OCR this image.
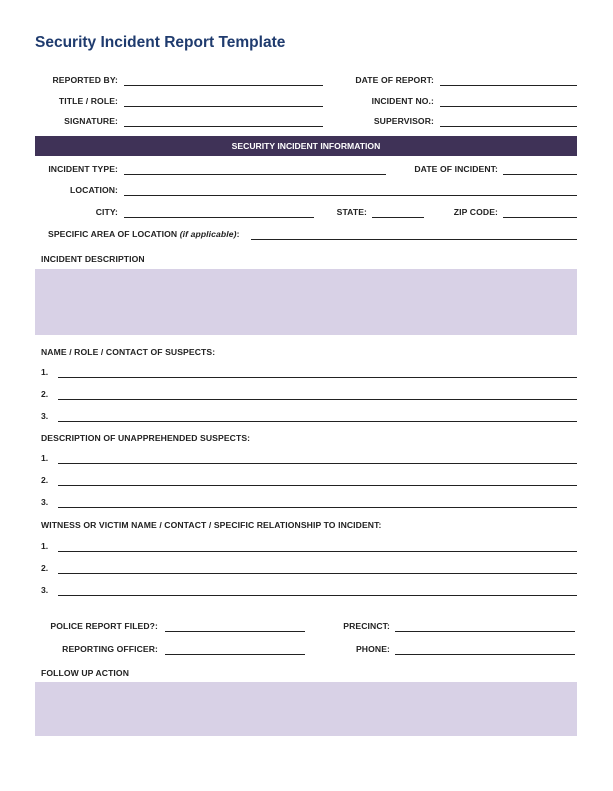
Security Incident Report Template
REPORTED BY:	DATE OF REPORT:
TITLE / ROLE:	INCIDENT NO.:
SIGNATURE:	SUPERVISOR:
SECURITY INCIDENT INFORMATION
INCIDENT TYPE:	DATE OF INCIDENT:
LOCATION:
CITY:	STATE:	ZIP CODE:
SPECIFIC AREA OF LOCATION (if applicable):
INCIDENT DESCRIPTION
NAME / ROLE / CONTACT OF SUSPECTS:
1.
2.
3.
DESCRIPTION OF UNAPPREHENDED SUSPECTS:
1.
2.
3.
WITNESS OR VICTIM NAME / CONTACT / SPECIFIC RELATIONSHIP TO INCIDENT:
1.
2.
3.
POLICE REPORT FILED?:	PRECINCT:
REPORTING OFFICER:	PHONE:
FOLLOW UP ACTION
